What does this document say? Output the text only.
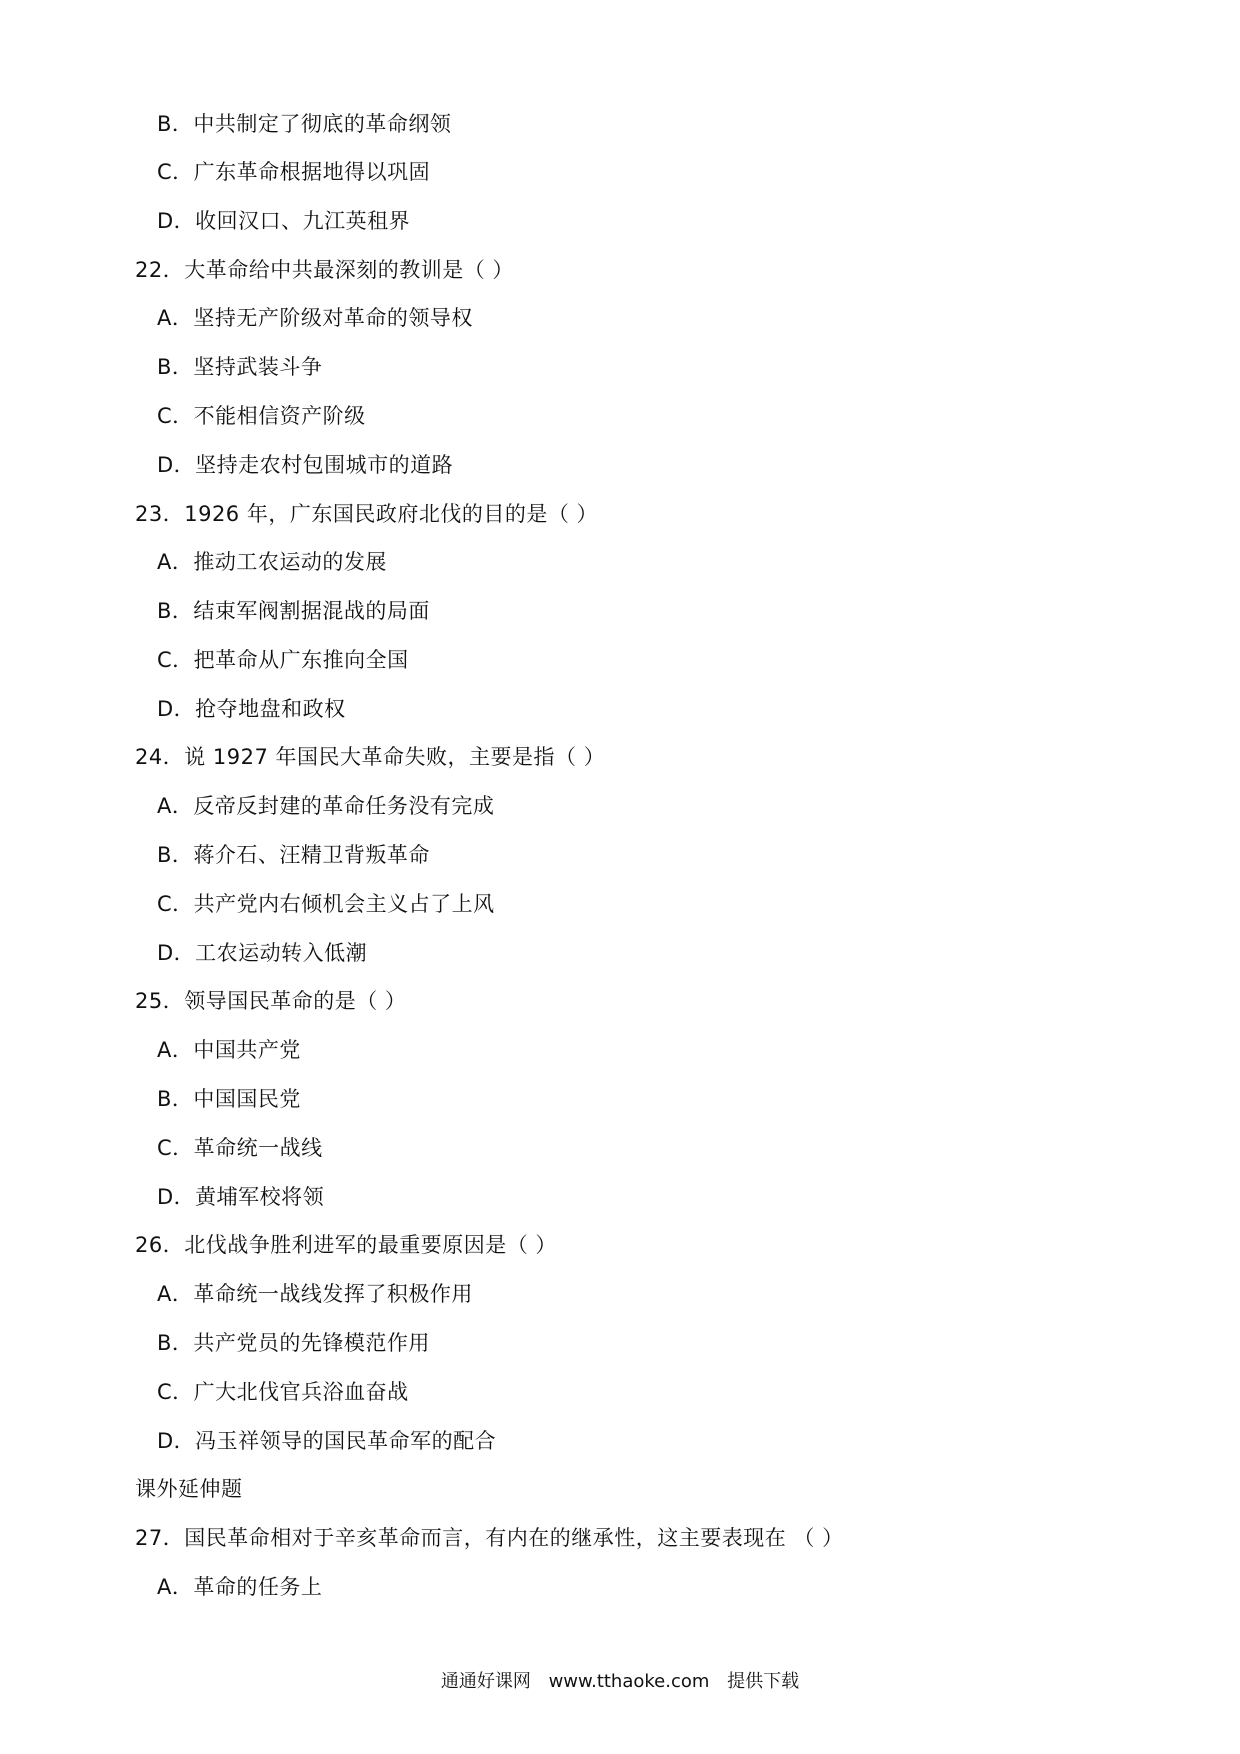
B．中共制定了彻底的革命纲领
C．广东革命根据地得以巩固
D．收回汉口、九江英租界
22．大革命给中共最深刻的教训是（ ）
A．坚持无产阶级对革命的领导权
B．坚持武装斗争
C．不能相信资产阶级
D．坚持走农村包围城市的道路
23．1926 年，广东国民政府北伐的目的是（ ）
A．推动工农运动的发展
B．结束军阀割据混战的局面
C．把革命从广东推向全国
D．抢夺地盘和政权
24．说 1927 年国民大革命失败，主要是指（ ）
A．反帝反封建的革命任务没有完成
B．蒋介石、汪精卫背叛革命
C．共产党内右倾机会主义占了上风
D．工农运动转入低潮
25．领导国民革命的是（ ）
A．中国共产党
B．中国国民党
C．革命统一战线
D．黄埔军校将领
26．北伐战争胜利进军的最重要原因是（ ）
A．革命统一战线发挥了积极作用
B．共产党员的先锋模范作用
C．广大北伐官兵浴血奋战
D．冯玉祥领导的国民革命军的配合
课外延伸题
27．国民革命相对于辛亥革命而言，有内在的继承性，这主要表现在 （ ）
A．革命的任务上
通通好课网 www.tthaoke.com 提供下载
